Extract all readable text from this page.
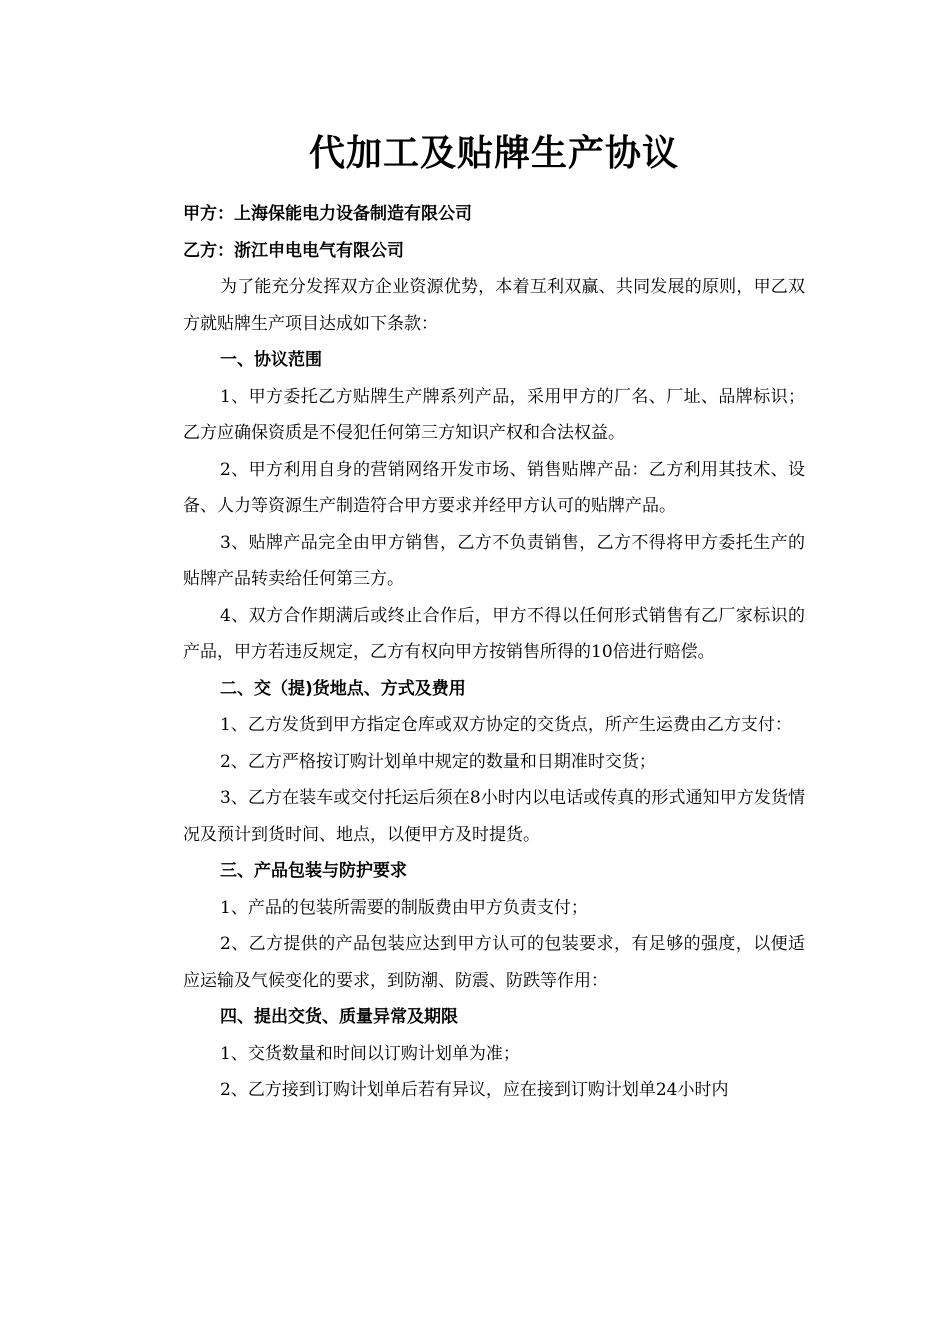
代加工及贴牌生产协议

甲方：上海保能电力设备制造有限公司

乙方：浙江申电电气有限公司

为了能充分发挥双方企业资源优势，本着互利双赢、共同发展的原则，甲乙双方就贴牌生产项目达成如下条款：

一、协议范围

1、甲方委托乙方贴牌生产牌系列产品，采用甲方的厂名、厂址、品牌标识；乙方应确保资质是不侵犯任何第三方知识产权和合法权益。

2、甲方利用自身的营销网络开发市场、销售贴牌产品：乙方利用其技术、设备、人力等资源生产制造符合甲方要求并经甲方认可的贴牌产品。

3、贴牌产品完全由甲方销售，乙方不负责销售，乙方不得将甲方委托生产的贴牌产品转卖给任何第三方。

4、双方合作期满后或终止合作后，甲方不得以任何形式销售有乙厂家标识的产品，甲方若违反规定，乙方有权向甲方按销售所得的10倍进行赔偿。

二、交（提)货地点、方式及费用

1、乙方发货到甲方指定仓库或双方协定的交货点，所产生运费由乙方支付：

2、乙方严格按订购计划单中规定的数量和日期准时交货；

3、乙方在装车或交付托运后须在8小时内以电话或传真的形式通知甲方发货情况及预计到货时间、地点，以便甲方及时提货。

三、产品包装与防护要求

1、产品的包装所需要的制版费由甲方负责支付；

2、乙方提供的产品包装应达到甲方认可的包装要求，有足够的强度，以便适应运输及气候变化的要求，到防潮、防震、防跌等作用：

四、提出交货、质量异常及期限

1、交货数量和时间以订购计划单为准；

2、乙方接到订购计划单后若有异议，应在接到订购计划单24小时内
